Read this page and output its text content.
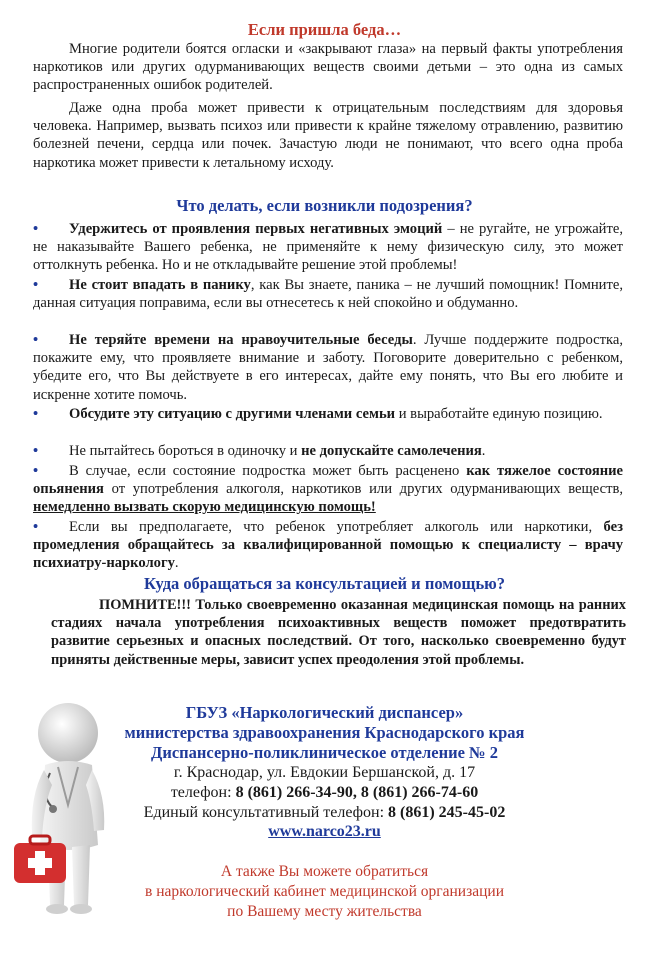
Если пришла беда…
Многие родители боятся огласки и «закрывают глаза» на первый факты употребления наркотиков или других одурманивающих веществ своими детьми – это одна из самых распространенных ошибок родителей.
Даже одна проба может привести к отрицательным последствиям для здоровья человека. Например, вызвать психоз или привести к крайне тяжелому отравлению, развитию болезней печени, сердца или почек. Зачастую люди не понимают, что всего одна проба наркотика может привести к летальному исходу.
Что делать, если возникли подозрения?
• Удержитесь от проявления первых негативных эмоций – не ругайте, не угрожайте, не наказывайте Вашего ребенка, не применяйте к нему физическую силу, это может оттолкнуть ребенка. Но и не откладывайте решение этой проблемы!
• Не стоит впадать в панику, как Вы знаете, паника – не лучший помощник! Помните, данная ситуация поправима, если вы отнесетесь к ней спокойно и обдуманно.
• Не теряйте времени на нравоучительные беседы. Лучше поддержите подростка, покажите ему, что проявляете внимание и заботу. Поговорите доверительно с ребенком, убедите его, что Вы действуете в его интересах, дайте ему понять, что Вы его любите и искренне хотите помочь.
• Обсудите эту ситуацию с другими членами семьи и выработайте единую позицию.
• Не пытайтесь бороться в одиночку и не допускайте самолечения.
• В случае, если состояние подростка может быть расценено как тяжелое состояние опьянения от употребления алкоголя, наркотиков или других одурманивающих веществ, немедленно вызвать скорую медицинскую помощь!
• Если вы предполагаете, что ребенок употребляет алкоголь или наркотики, без промедления обращайтесь за квалифицированной помощью к специалисту – врачу психиатру-наркологу.
Куда обращаться за консультацией и помощью?
ПОМНИТЕ!!! Только своевременно оказанная медицинская помощь на ранних стадиях начала употребления психоактивных веществ поможет предотвратить развитие серьезных и опасных последствий. От того, насколько своевременно будут приняты действенные меры, зависит успех преодоления этой проблемы.
ГБУЗ «Наркологический диспансер»
министерства здравоохранения Краснодарского края
Диспансерно-поликлиническое отделение № 2
г. Краснодар, ул. Евдокии Бершанской, д. 17
телефон: 8 (861) 266-34-90, 8 (861) 266-74-60
Единый консультативный телефон: 8 (861) 245-45-02
www.narco23.ru
А также Вы можете обратиться
в наркологический кабинет медицинской организации
по Вашему месту жительства
